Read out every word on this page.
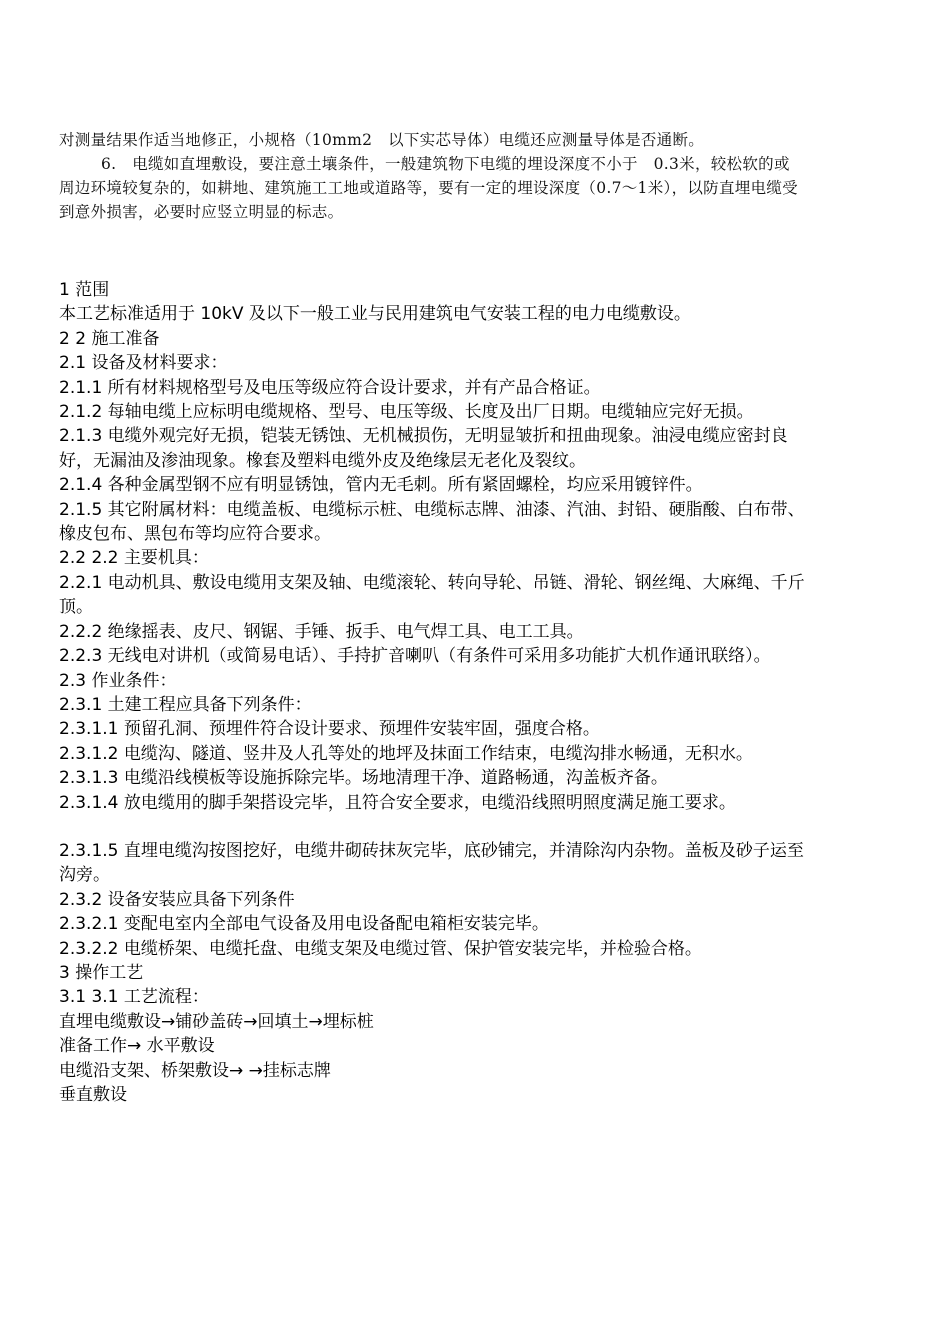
对测量结果作适当地修正，小规格（10mm2　以下实芯导体）电缆还应测量导体是否通断。

6.　电缆如直埋敷设，要注意土壤条件，一般建筑物下电缆的埋设深度不小于　0.3米，较松软的或周边环境较复杂的，如耕地、建筑施工工地或道路等，要有一定的埋设深度（0.7～1米），以防直埋电缆受到意外损害，必要时应竖立明显的标志。

1 范围

本工艺标准适用于 10kV 及以下一般工业与民用建筑电气安装工程的电力电缆敷设。

2 2 施工准备

2.1 设备及材料要求：

2.1.1 所有材料规格型号及电压等级应符合设计要求，并有产品合格证。

2.1.2 每轴电缆上应标明电缆规格、型号、电压等级、长度及出厂日期。电缆轴应完好无损。

2.1.3 电缆外观完好无损，铠装无锈蚀、无机械损伤，无明显皱折和扭曲现象。油浸电缆应密封良好，无漏油及渗油现象。橡套及塑料电缆外皮及绝缘层无老化及裂纹。

2.1.4 各种金属型钢不应有明显锈蚀，管内无毛刺。所有紧固螺栓，均应采用镀锌件。

2.1.5 其它附属材料：电缆盖板、电缆标示桩、电缆标志牌、油漆、汽油、封铅、硬脂酸、白布带、橡皮包布、黑包布等均应符合要求。

2.2 2.2 主要机具：

2.2.1 电动机具、敷设电缆用支架及轴、电缆滚轮、转向导轮、吊链、滑轮、钢丝绳、大麻绳、千斤顶。

2.2.2 绝缘摇表、皮尺、钢锯、手锤、扳手、电气焊工具、电工工具。

2.2.3 无线电对讲机（或简易电话）、手持扩音喇叭（有条件可采用多功能扩大机作通讯联络）。

2.3 作业条件：

2.3.1 土建工程应具备下列条件：

2.3.1.1 预留孔洞、预埋件符合设计要求、预埋件安装牢固，强度合格。

2.3.1.2 电缆沟、隧道、竖井及人孔等处的地坪及抹面工作结束，电缆沟排水畅通，无积水。

2.3.1.3 电缆沿线模板等设施拆除完毕。场地清理干净、道路畅通，沟盖板齐备。

2.3.1.4 放电缆用的脚手架搭设完毕，且符合安全要求，电缆沿线照明照度满足施工要求。

2.3.1.5 直埋电缆沟按图挖好，电缆井砌砖抹灰完毕，底砂铺完，并清除沟内杂物。盖板及砂子运至沟旁。

2.3.2 设备安装应具备下列条件

2.3.2.1 变配电室内全部电气设备及用电设备配电箱柜安装完毕。

2.3.2.2 电缆桥架、电缆托盘、电缆支架及电缆过管、保护管安装完毕，并检验合格。

3 操作工艺

3.1 3.1 工艺流程：

直埋电缆敷设→铺砂盖砖→回填土→埋标桩

准备工作→ 水平敷设

电缆沿支架、桥架敷设→ →挂标志牌

垂直敷设
